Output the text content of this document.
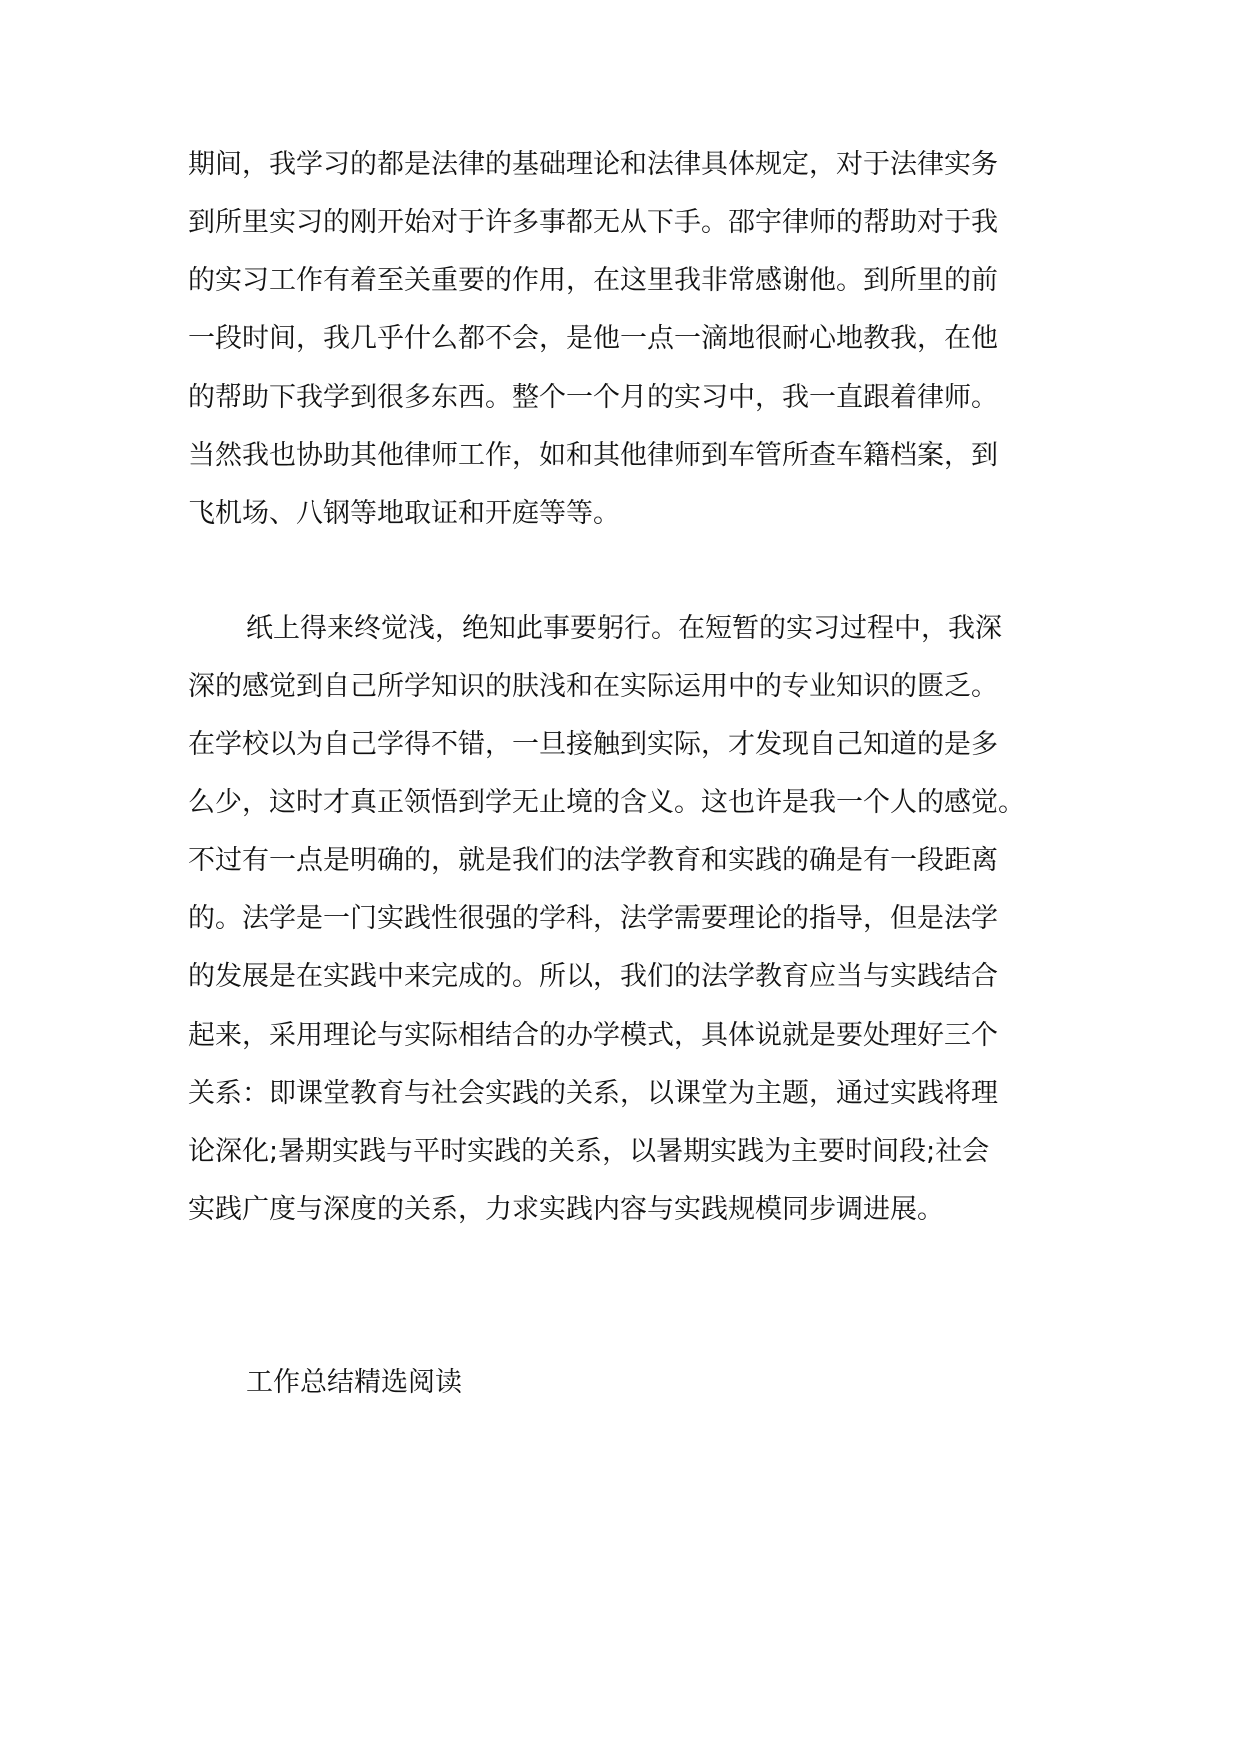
期间，我学习的都是法律的基础理论和法律具体规定，对于法律实务
到所里实习的刚开始对于许多事都无从下手。邵宇律师的帮助对于我
的实习工作有着至关重要的作用，在这里我非常感谢他。到所里的前
一段时间，我几乎什么都不会，是他一点一滴地很耐心地教我，在他
的帮助下我学到很多东西。整个一个月的实习中，我一直跟着律师。
当然我也协助其他律师工作，如和其他律师到车管所查车籍档案，到
飞机场、八钢等地取证和开庭等等。
纸上得来终觉浅，绝知此事要躬行。在短暂的实习过程中，我深
深的感觉到自己所学知识的肤浅和在实际运用中的专业知识的匮乏。
在学校以为自己学得不错，一旦接触到实际，才发现自己知道的是多
么少，这时才真正领悟到学无止境的含义。这也许是我一个人的感觉。
不过有一点是明确的，就是我们的法学教育和实践的确是有一段距离
的。法学是一门实践性很强的学科，法学需要理论的指导，但是法学
的发展是在实践中来完成的。所以，我们的法学教育应当与实践结合
起来，采用理论与实际相结合的办学模式，具体说就是要处理好三个
关系：即课堂教育与社会实践的关系，以课堂为主题，通过实践将理
论深化;暑期实践与平时实践的关系，以暑期实践为主要时间段;社会
实践广度与深度的关系，力求实践内容与实践规模同步调进展。
工作总结精选阅读
